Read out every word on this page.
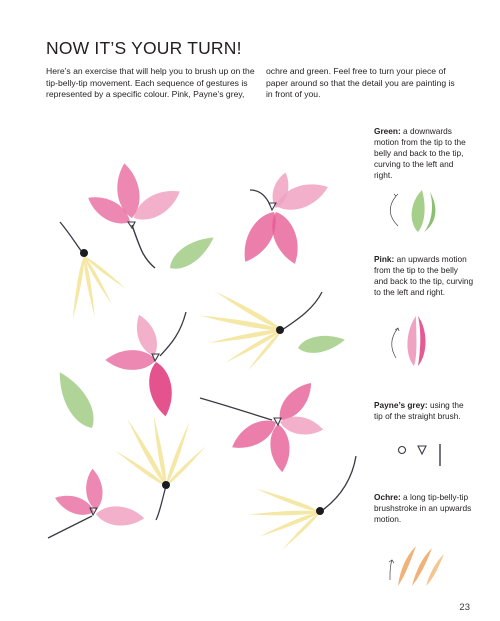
NOW IT’S YOUR TURN!
Here’s an exercise that will help you to brush up on the tip-belly-tip movement. Each sequence of gestures is represented by a specific colour. Pink, Payne’s grey,
ochre and green. Feel free to turn your piece of paper around so that the detail you are painting is in front of you.
Green: a downwards motion from the tip to the belly and back to the tip, curving to the left and right.
Pink: an upwards motion from the tip to the belly and back to the tip, curving to the left and right.
Payne’s grey: using the tip of the straight brush.
Ochre: a long tip-belly-tip brushstroke in an upwards motion.
23
